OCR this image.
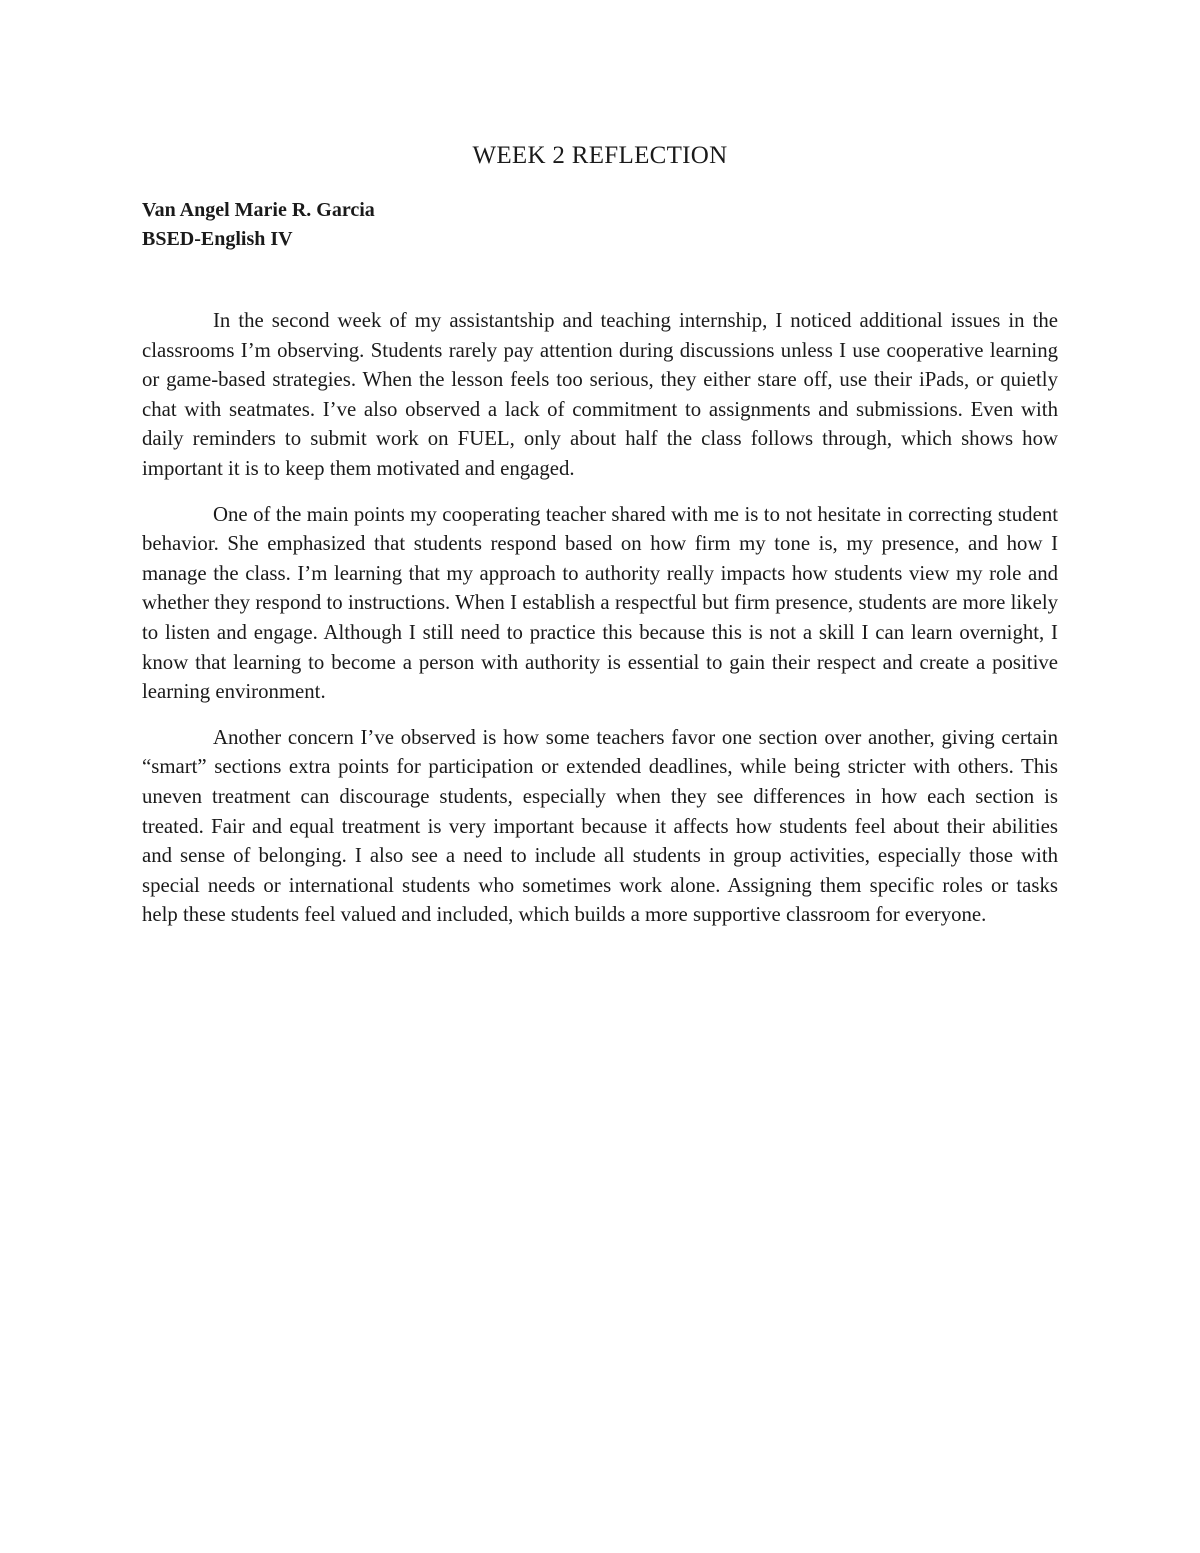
WEEK 2 REFLECTION
Van Angel Marie R. Garcia
BSED-English IV

In the second week of my assistantship and teaching internship, I noticed additional issues in the classrooms I’m observing. Students rarely pay attention during discussions unless I use cooperative learning or game-based strategies. When the lesson feels too serious, they either stare off, use their iPads, or quietly chat with seatmates. I’ve also observed a lack of commitment to assignments and submissions. Even with daily reminders to submit work on FUEL, only about half the class follows through, which shows how important it is to keep them motivated and engaged.

One of the main points my cooperating teacher shared with me is to not hesitate in correcting student behavior. She emphasized that students respond based on how firm my tone is, my presence, and how I manage the class. I’m learning that my approach to authority really impacts how students view my role and whether they respond to instructions. When I establish a respectful but firm presence, students are more likely to listen and engage. Although I still need to practice this because this is not a skill I can learn overnight, I know that learning to become a person with authority is essential to gain their respect and create a positive learning environment.

Another concern I’ve observed is how some teachers favor one section over another, giving certain “smart” sections extra points for participation or extended deadlines, while being stricter with others. This uneven treatment can discourage students, especially when they see differences in how each section is treated. Fair and equal treatment is very important because it affects how students feel about their abilities and sense of belonging. I also see a need to include all students in group activities, especially those with special needs or international students who sometimes work alone. Assigning them specific roles or tasks help these students feel valued and included, which builds a more supportive classroom for everyone.
